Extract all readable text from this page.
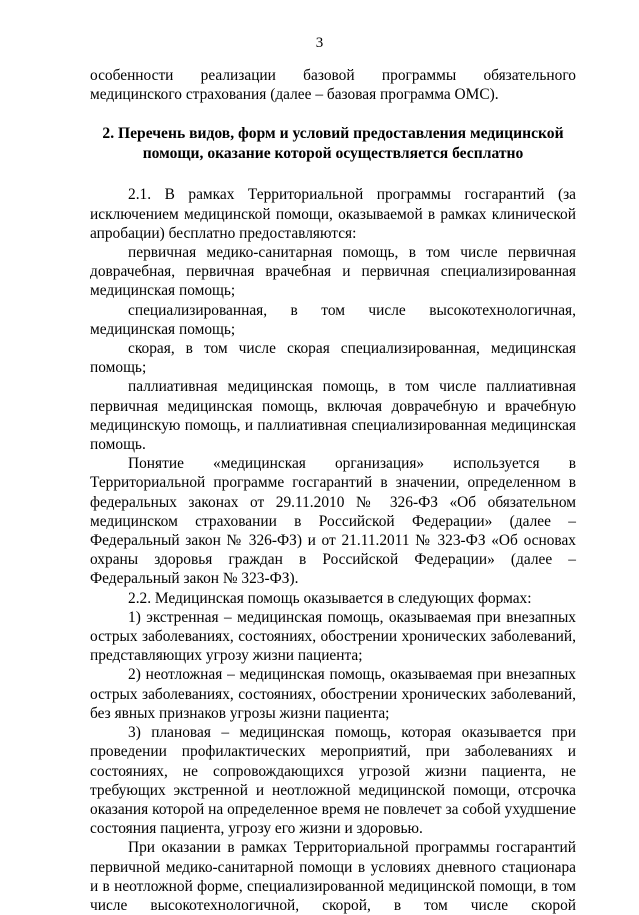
3

особенности реализации базовой программы обязательного медицинского страхования (далее – базовая программа ОМС).

2. Перечень видов, форм и условий предоставления медицинской
помощи, оказание которой осуществляется бесплатно

2.1. В рамках Территориальной программы госгарантий (за исключением медицинской помощи, оказываемой в рамках клинической апробации) бесплатно предоставляются:

первичная медико-санитарная помощь, в том числе первичная доврачебная, первичная врачебная и первичная специализированная медицинская помощь;

специализированная, в том числе высокотехнологичная, медицинская помощь;

скорая, в том числе скорая специализированная, медицинская помощь;

паллиативная медицинская помощь, в том числе паллиативная первичная медицинская помощь, включая доврачебную и врачебную медицинскую помощь, и паллиативная специализированная медицинская помощь.

Понятие «медицинская организация» используется в Территориальной программе госгарантий в значении, определенном в федеральных законах от 29.11.2010 № 326-ФЗ «Об обязательном медицинском страховании в Российской Федерации» (далее – Федеральный закон № 326-ФЗ) и от 21.11.2011 № 323-ФЗ «Об основах охраны здоровья граждан в Российской Федерации» (далее – Федеральный закон № 323-ФЗ).

2.2. Медицинская помощь оказывается в следующих формах:

1) экстренная – медицинская помощь, оказываемая при внезапных острых заболеваниях, состояниях, обострении хронических заболеваний, представляющих угрозу жизни пациента;

2) неотложная – медицинская помощь, оказываемая при внезапных острых заболеваниях, состояниях, обострении хронических заболеваний, без явных признаков угрозы жизни пациента;

3) плановая – медицинская помощь, которая оказывается при проведении профилактических мероприятий, при заболеваниях и состояниях, не сопровождающихся угрозой жизни пациента, не требующих экстренной и неотложной медицинской помощи, отсрочка оказания которой на определенное время не повлечет за собой ухудшение состояния пациента, угрозу его жизни и здоровью.

При оказании в рамках Территориальной программы госгарантий первичной медико-санитарной помощи в условиях дневного стационара и в неотложной форме, специализированной медицинской помощи, в том числе высокотехнологичной, скорой, в том числе скорой
